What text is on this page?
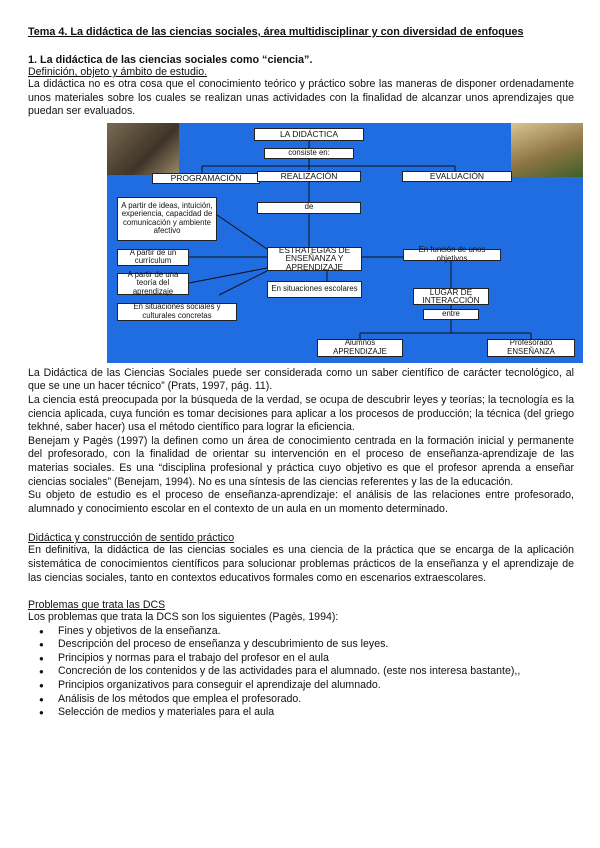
Tema 4. La didáctica de las ciencias sociales, área multidisciplinar y con diversidad de enfoques
1. La didáctica de las ciencias sociales como “ciencia”.
Definición, objeto y ámbito de estudio.

La didáctica no es otra cosa que el conocimiento teórico y práctico sobre las maneras de disponer ordenadamente unos materiales sobre los cuales se realizan unas actividades con la finalidad de alcanzar unos aprendizajes que puedan ser evaluados.

LA DIDÁCTICA
consiste en:
PROGRAMACIÓN	REALIZACIÓN	EVALUACIÓN
de
A partir de ideas, intuición, experiencia, capacidad de comunicación y ambiente afectivo
A partir de un currículum
A partir de una teoría del aprendizaje
ESTRATEGIAS DE ENSEÑANZA Y APRENDIZAJE
En función de unos objetivos
En situaciones sociales y culturales concretas
En situaciones escolares	LUGAR DE INTERACCIÓN
entre
Alumnos APRENDIZAJE
Profesorado ENSEÑANZA

La Didáctica de las Ciencias Sociales puede ser considerada como un saber científico de carácter tecnológico, al que se une un hacer técnico” (Prats, 1997, pág. 11).

La ciencia está preocupada por la búsqueda de la verdad, se ocupa de descubrir leyes y teorías; la tecnología es la ciencia aplicada, cuya función es tomar decisiones para aplicar a los procesos de producción; la técnica (del griego tekhné, saber hacer) usa el método científico para lograr la eficiencia.

Benejam y Pagès (1997) la definen como un área de conocimiento centrada en la formación inicial y permanente del profesorado, con la finalidad de orientar su intervención en el proceso de enseñanza-aprendizaje de las materias sociales. Es una “disciplina profesional y práctica cuyo objetivo es que el profesor aprenda a enseñar ciencias sociales” (Benejam, 1994). No es una síntesis de las ciencias referentes y las de la educación.

Su objeto de estudio es el proceso de enseñanza-aprendizaje: el análisis de las relaciones entre profesorado, alumnado y conocimiento escolar en el contexto de un aula en un momento determinado.

Didáctica y construcción de sentido práctico

En definitiva, la didáctica de las ciencias sociales es una ciencia de la práctica que se encarga de la aplicación sistemática de conocimientos científicos para solucionar problemas prácticos de la enseñanza y el aprendizaje de las ciencias sociales, tanto en contextos educativos formales como en escenarios extraescolares.

Problemas que trata las DCS

Los problemas que trata la DCS son los siguientes (Pagès, 1994):

● Fines y objetivos de la enseñanza.
● Descripción del proceso de enseñanza y descubrimiento de sus leyes.
● Principios y normas para el trabajo del profesor en el aula
● Concreción de los contenidos y de las actividades para el alumnado. (este nos interesa bastante),,
● Principios organizativos para conseguir el aprendizaje del alumnado.
● Análisis de los métodos que emplea el profesorado.
● Selección de medios y materiales para el aula
